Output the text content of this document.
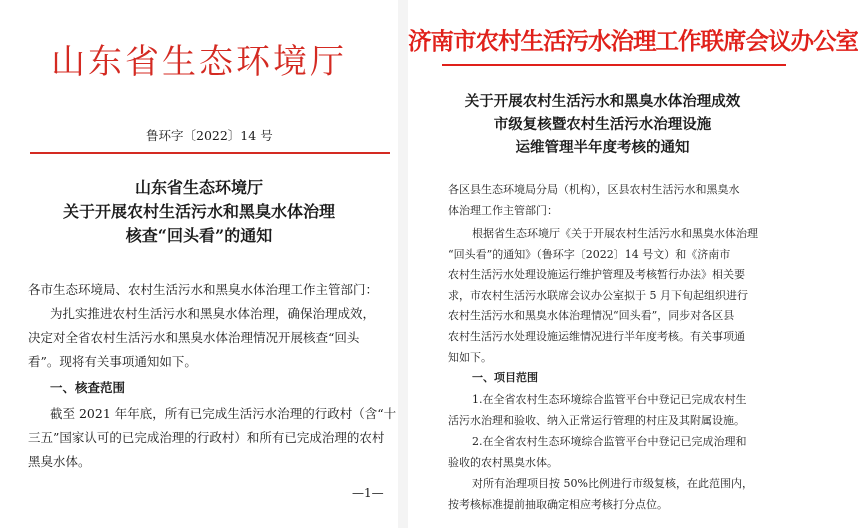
山东省生态环境厅
鲁环字〔2022〕14 号
山东省生态环境厅
关于开展农村生活污水和黑臭水体治理
核查“回头看”的通知
各市生态环境局、农村生活污水和黑臭水体治理工作主管部门：
为扎实推进农村生活污水和黑臭水体治理，确保治理成效，
决定对全省农村生活污水和黑臭水体治理情况开展核查“回头
看”。现将有关事项通知如下。
一、核查范围
截至 2021 年年底，所有已完成生活污水治理的行政村（含“十
三五”国家认可的已完成治理的行政村）和所有已完成治理的农村
黑臭水体。
—1—
济南市农村生活污水治理工作联席会议办公室
关于开展农村生活污水和黑臭水体治理成效
市级复核暨农村生活污水治理设施
运维管理半年度考核的通知
各区县生态环境局分局（机构），区县农村生活污水和黑臭水
体治理工作主管部门：
根据省生态环境厅《关于开展农村生活污水和黑臭水体治理
“回头看”的通知》（鲁环字〔2022〕14 号文）和《济南市
农村生活污水处理设施运行维护管理及考核暂行办法》相关要
求，市农村生活污水联席会议办公室拟于 5 月下旬起组织进行
农村生活污水和黑臭水体治理情况“回头看”，同步对各区县
农村生活污水处理设施运维情况进行半年度考核。有关事项通
知如下。
一、项目范围
1.在全省农村生态环境综合监管平台中登记已完成农村生
活污水治理和验收、纳入正常运行管理的村庄及其附属设施。
2.在全省农村生态环境综合监管平台中登记已完成治理和
验收的农村黑臭水体。
对所有治理项目按 50%比例进行市级复核，在此范围内，
按考核标准提前抽取确定相应考核打分点位。
